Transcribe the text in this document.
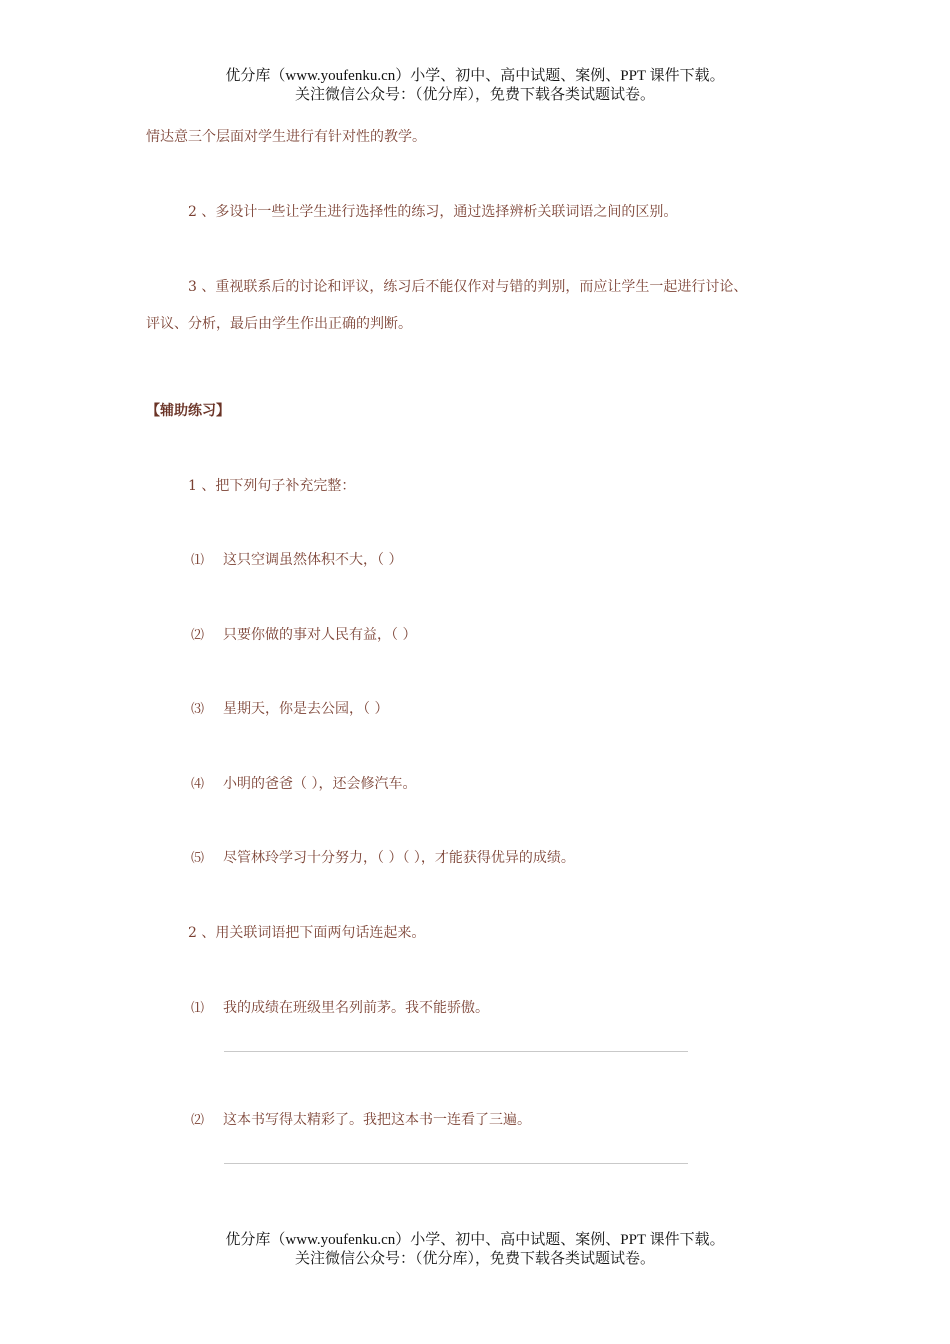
优分库（www.youfenku.cn）小学、初中、高中试题、案例、PPT 课件下载。
关注微信公众号：（优分库），免费下载各类试题试卷。
情达意三个层面对学生进行有针对性的教学。
2 、多设计一些让学生进行选择性的练习，通过选择辨析关联词语之间的区别。
3 、重视联系后的讨论和评议，练习后不能仅作对与错的判别，而应让学生一起进行讨论、
评议、分析，最后由学生作出正确的判断。
【辅助练习】
1 、把下列句子补充完整：
⑴ 这只空调虽然体积不大，（ ）
⑵ 只要你做的事对人民有益，（ ）
⑶ 星期天，你是去公园，（ ）
⑷ 小明的爸爸（ ），还会修汽车。
⑸ 尽管林玲学习十分努力，（ ）（ ），才能获得优异的成绩。
2 、用关联词语把下面两句话连起来。
⑴ 我的成绩在班级里名列前茅。我不能骄傲。
⑵ 这本书写得太精彩了。我把这本书一连看了三遍。
优分库（www.youfenku.cn）小学、初中、高中试题、案例、PPT 课件下载。
关注微信公众号：（优分库），免费下载各类试题试卷。
